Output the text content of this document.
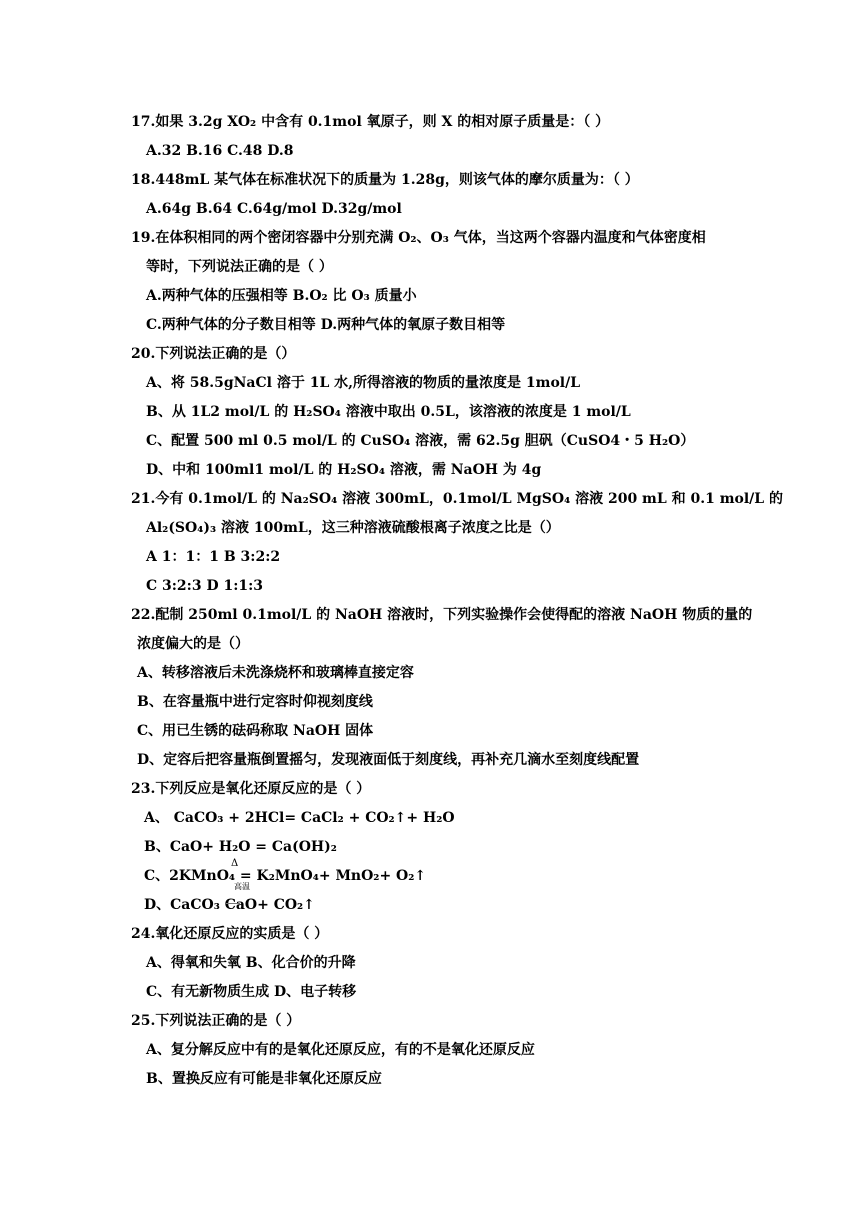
17.如果 3.2g XO₂ 中含有 0.1mol 氧原子，则 X 的相对原子质量是：（ ）
A.32 B.16 C.48 D.8
18.448mL 某气体在标准状况下的质量为 1.28g，则该气体的摩尔质量为：（ ）
A.64g B.64 C.64g/mol D.32g/mol
19.在体积相同的两个密闭容器中分别充满 O₂、O₃ 气体，当这两个容器内温度和气体密度相
等时，下列说法正确的是（ ）
A.两种气体的压强相等 B.O₂ 比 O₃ 质量小
C.两种气体的分子数目相等 D.两种气体的氧原子数目相等
20.下列说法正确的是（）
A、将 58.5gNaCl 溶于 1L 水,所得溶液的物质的量浓度是 1mol/L
B、从 1L2 mol/L 的 H₂SO₄ 溶液中取出 0.5L，该溶液的浓度是 1 mol/L
C、配置 500 ml 0.5 mol/L 的 CuSO₄ 溶液，需 62.5g 胆矾（CuSO4・5 H₂O）
D、中和 100ml1 mol/L 的 H₂SO₄ 溶液，需 NaOH 为 4g
21.今有 0.1mol/L 的 Na₂SO₄ 溶液 300mL，0.1mol/L MgSO₄ 溶液 200 mL 和 0.1 mol/L 的
Al₂(SO₄)₃ 溶液 100mL，这三种溶液硫酸根离子浓度之比是（）
A 1：1：1 B 3:2:2
C 3:2:3 D 1:1:3
22.配制 250ml 0.1mol/L 的 NaOH 溶液时，下列实验操作会使得配的溶液 NaOH 物质的量的
浓度偏大的是（）
A、转移溶液后未洗涤烧杯和玻璃棒直接定容
B、在容量瓶中进行定容时仰视刻度线
C、用已生锈的砝码称取 NaOH 固体
D、定容后把容量瓶倒置摇匀，发现液面低于刻度线，再补充几滴水至刻度线配置
23.下列反应是氧化还原反应的是（ ）
A、 CaCO₃ + 2HCl= CaCl₂ + CO₂↑+ H₂O
B、CaO+ H₂O = Ca(OH)₂
C、2KMnO₄ = K₂MnO₄+ MnO₂+ O₂↑
Δ
高温
D、CaCO₃ CaO+ CO₂↑
24.氧化还原反应的实质是（ ）
A、得氧和失氧 B、化合价的升降
C、有无新物质生成 D、电子转移
25.下列说法正确的是（ ）
A、复分解反应中有的是氧化还原反应，有的不是氧化还原反应
B、置换反应有可能是非氧化还原反应
